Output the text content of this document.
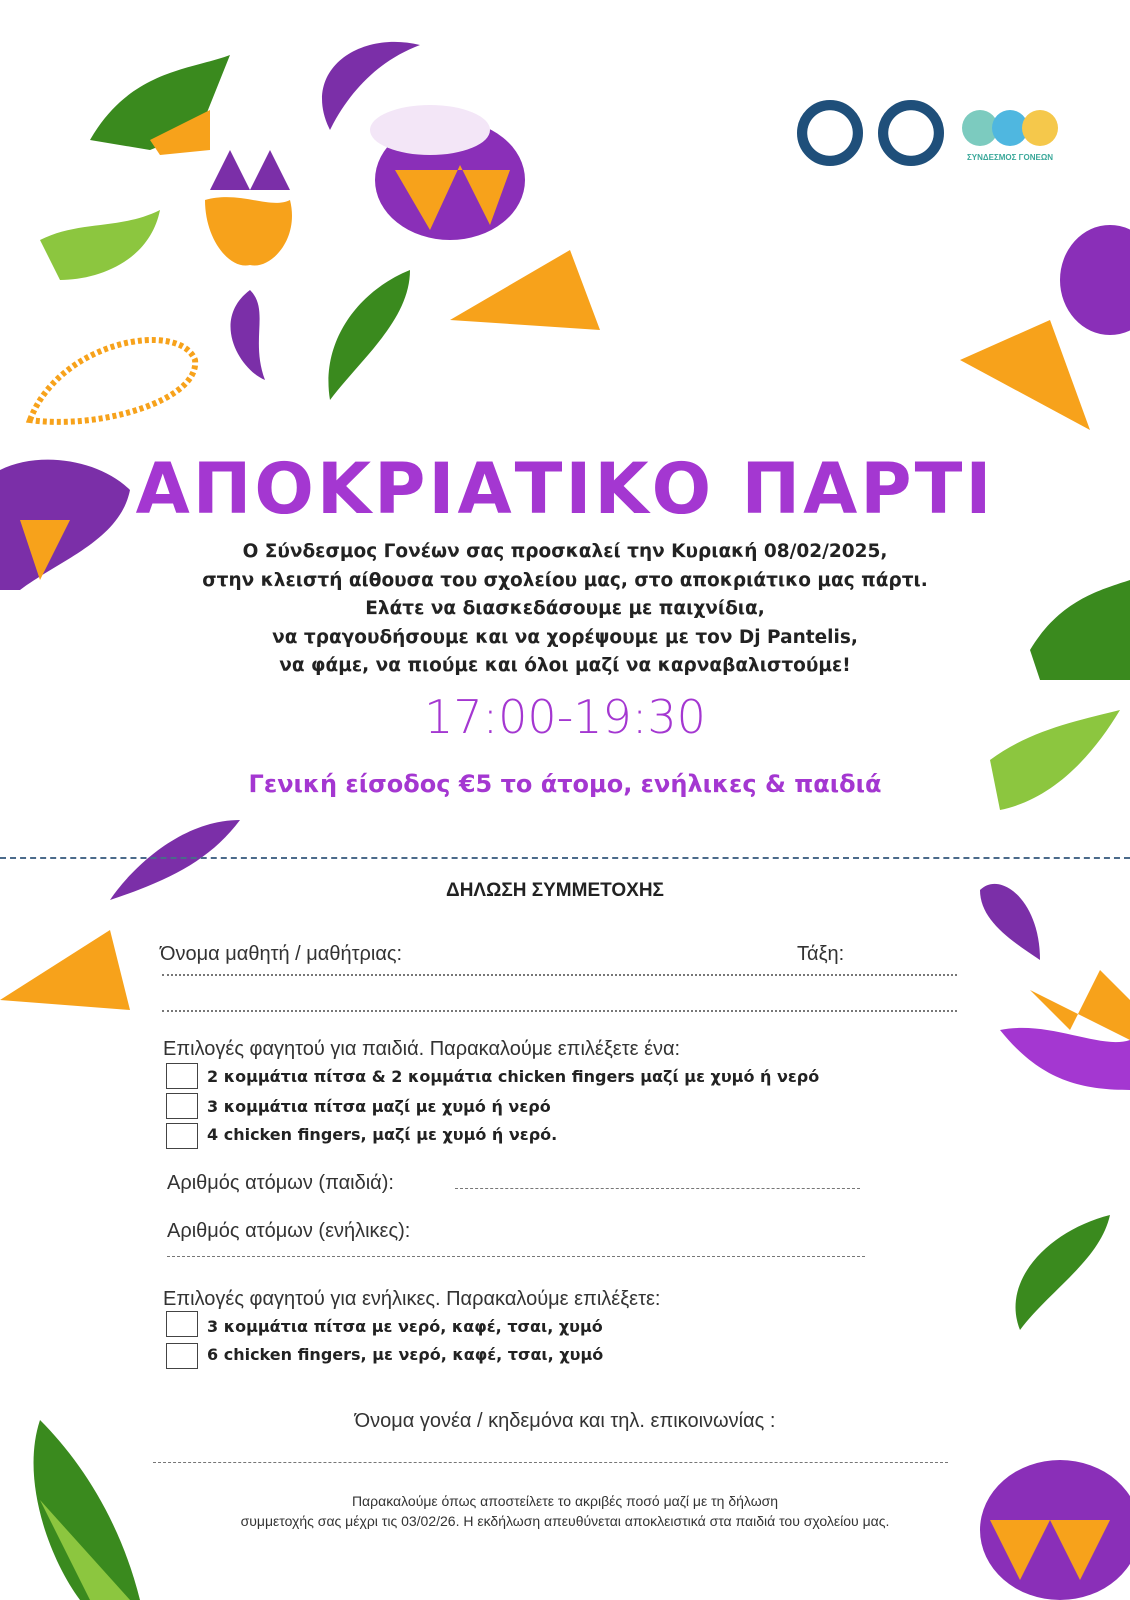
ΣΥΝΔΕΣΜΟΣ ΓΟΝΕΩΝ
ΑΠΟΚΡΙΑΤΙΚΟ ΠΑΡΤΙ
Ο Σύνδεσμος Γονέων σας προσκαλεί την Κυριακή 08/02/2025,
στην κλειστή αίθουσα του σχολείου μας, στο αποκριάτικο μας πάρτι.
Ελάτε να διασκεδάσουμε με παιχνίδια,
να τραγουδήσουμε και να χορέψουμε με τον Dj Pantelis,
να φάμε, να πιούμε και όλοι μαζί να καρναβαλιστούμε!
17:00-19:30
Γενική είσοδος €5 το άτομο, ενήλικες & παιδιά
ΔΗΛΩΣΗ ΣΥΜΜΕΤΟΧΗΣ
Όνομα μαθητή / μαθήτριας:	Τάξη:
Επιλογές φαγητού για παιδιά. Παρακαλούμε επιλέξετε ένα:
2 κομμάτια πίτσα & 2 κομμάτια chicken fingers μαζί με χυμό ή νερό
3 κομμάτια πίτσα μαζί με χυμό ή νερό
4 chicken fingers, μαζί με χυμό ή νερό.
Αριθμός ατόμων (παιδιά):
Αριθμός ατόμων (ενήλικες):
Επιλογές φαγητού για ενήλικες. Παρακαλούμε επιλέξετε:
3 κομμάτια πίτσα με νερό, καφέ, τσαι, χυμό
6 chicken fingers, με νερό, καφέ, τσαι, χυμό
Όνομα γονέα / κηδεμόνα και τηλ. επικοινωνίας :
Παρακαλούμε όπως αποστείλετε το ακριβές ποσό μαζί με τη δήλωση
συμμετοχής σας μέχρι τις 03/02/26. Η εκδήλωση απευθύνεται αποκλειστικά στα παιδιά του σχολείου μας.
